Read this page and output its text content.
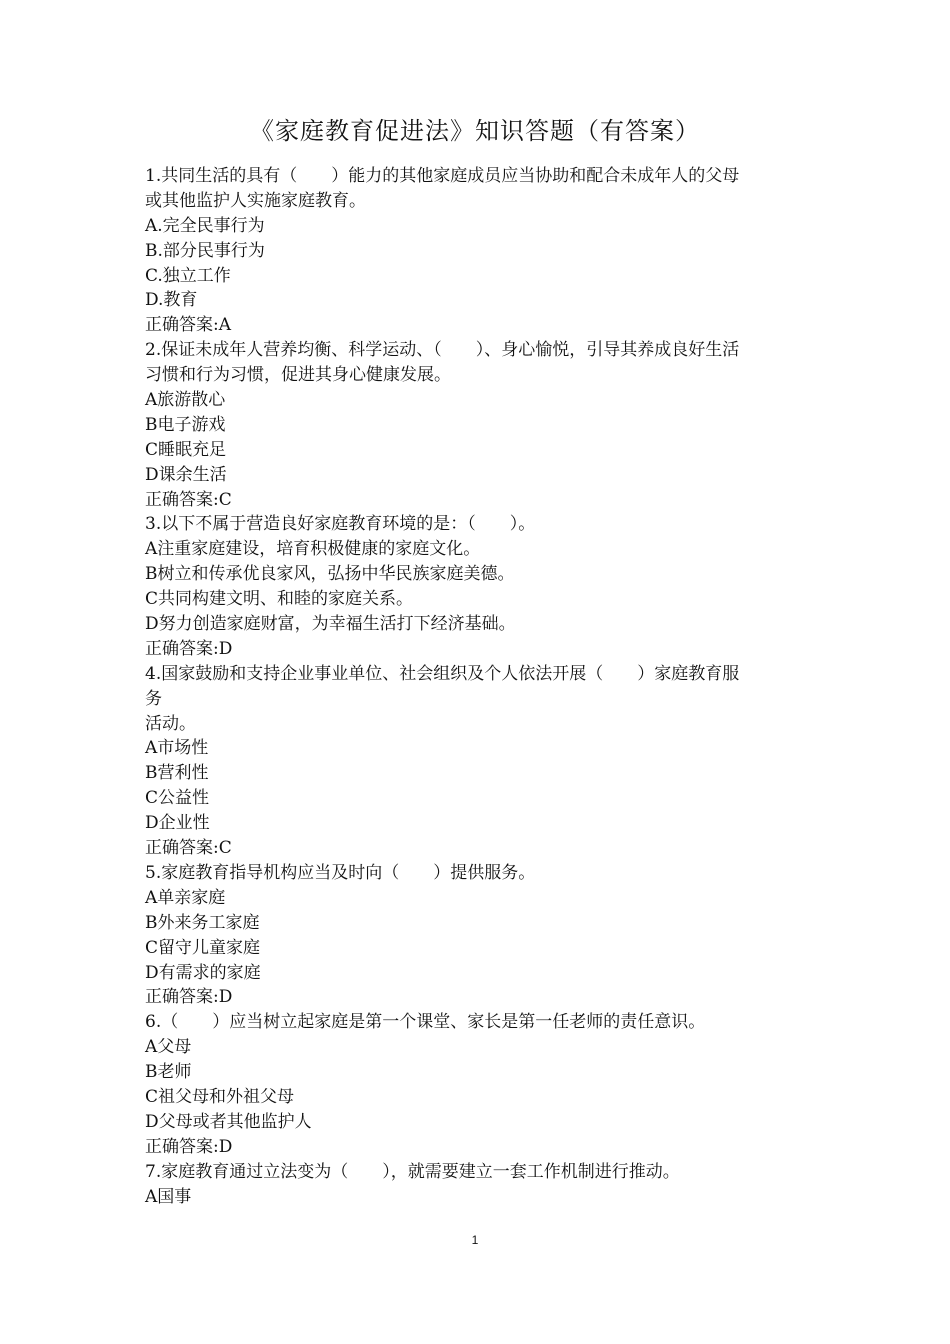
《家庭教育促进法》知识答题（有答案）
1.共同生活的具有（　　）能力的其他家庭成员应当协助和配合未成年人的父母
或其他监护人实施家庭教育。
A.完全民事行为
B.部分民事行为
C.独立工作
D.教育
正确答案:A
2.保证未成年人营养均衡、科学运动、（　　）、身心愉悦，引导其养成良好生活
习惯和行为习惯，促进其身心健康发展。
A旅游散心
B电子游戏
C睡眠充足
D课余生活
正确答案:C
3.以下不属于营造良好家庭教育环境的是：（　　）。
A注重家庭建设，培育积极健康的家庭文化。
B树立和传承优良家风，弘扬中华民族家庭美德。
C共同构建文明、和睦的家庭关系。
D努力创造家庭财富，为幸福生活打下经济基础。
正确答案:D
4.国家鼓励和支持企业事业单位、社会组织及个人依法开展（　　）家庭教育服
务
活动。
A市场性
B营利性
C公益性
D企业性
正确答案:C
5.家庭教育指导机构应当及时向（　　）提供服务。
A单亲家庭
B外来务工家庭
C留守儿童家庭
D有需求的家庭
正确答案:D
6.（　　）应当树立起家庭是第一个课堂、家长是第一任老师的责任意识。
A父母
B老师
C祖父母和外祖父母
D父母或者其他监护人
正确答案:D
7.家庭教育通过立法变为（　　），就需要建立一套工作机制进行推动。
A国事
1
